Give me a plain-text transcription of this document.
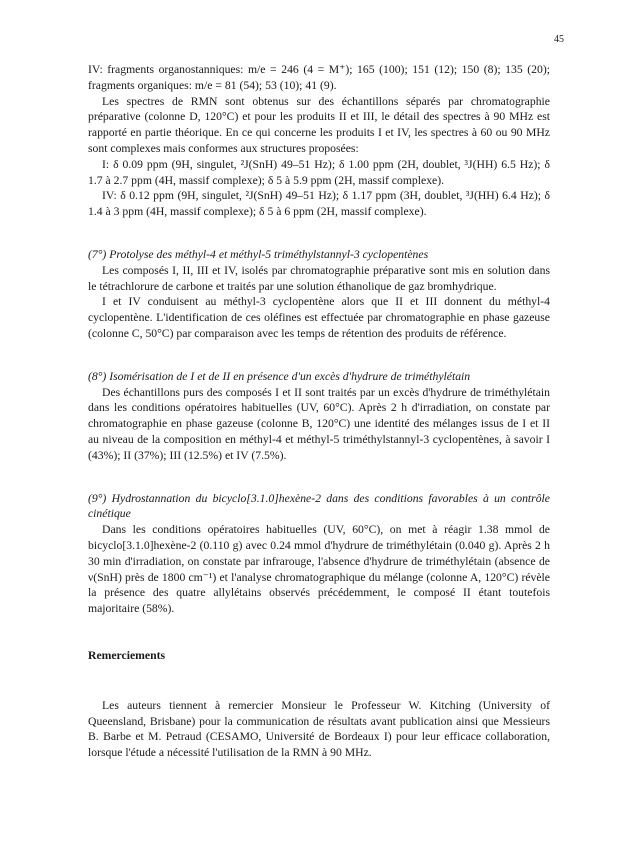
45

IV: fragments organostanniques: m/e = 246 (4 = M⁺); 165 (100); 151 (12); 150 (8); 135 (20); fragments organiques: m/e = 81 (54); 53 (10); 41 (9).

Les spectres de RMN sont obtenus sur des échantillons séparés par chromatographie préparative (colonne D, 120°C) et pour les produits II et III, le détail des spectres à 90 MHz est rapporté en partie théorique. En ce qui concerne les produits I et IV, les spectres à 60 ou 90 MHz sont complexes mais conformes aux structures proposées:

I: δ 0.09 ppm (9H, singulet, ²J(SnH) 49–51 Hz); δ 1.00 ppm (2H, doublet, ³J(HH) 6.5 Hz); δ 1.7 à 2.7 ppm (4H, massif complexe); δ 5 à 5.9 ppm (2H, massif complexe).

IV: δ 0.12 ppm (9H, singulet, ²J(SnH) 49–51 Hz); δ 1.17 ppm (3H, doublet, ³J(HH) 6.4 Hz); δ 1.4 à 3 ppm (4H, massif complexe); δ 5 à 6 ppm (2H, massif complexe).

(7°) Protolyse des méthyl-4 et méthyl-5 triméthylstannyl-3 cyclopentènes

Les composés I, II, III et IV, isolés par chromatographie préparative sont mis en solution dans le tétrachlorure de carbone et traités par une solution éthanolique de gaz bromhydrique.

I et IV conduisent au méthyl-3 cyclopentène alors que II et III donnent du méthyl-4 cyclopentène. L'identification de ces oléfines est effectuée par chromatographie en phase gazeuse (colonne C, 50°C) par comparaison avec les temps de rétention des produits de référence.

(8°) Isomérisation de I et de II en présence d'un excès d'hydrure de triméthylétain

Des échantillons purs des composés I et II sont traités par un excès d'hydrure de triméthylétain dans les conditions opératoires habituelles (UV, 60°C). Après 2 h d'irradiation, on constate par chromatographie en phase gazeuse (colonne B, 120°C) une identité des mélanges issus de I et II au niveau de la composition en méthyl-4 et méthyl-5 triméthylstannyl-3 cyclopentènes, à savoir I (43%); II (37%); III (12.5%) et IV (7.5%).

(9°) Hydrostannation du bicyclo[3.1.0]hexène-2 dans des conditions favorables à un contrôle cinétique

Dans les conditions opératoires habituelles (UV, 60°C), on met à réagir 1.38 mmol de bicyclo[3.1.0]hexène-2 (0.110 g) avec 0.24 mmol d'hydrure de triméthylétain (0.040 g). Après 2 h 30 min d'irradiation, on constate par infrarouge, l'absence d'hydrure de triméthylétain (absence de ν(SnH) près de 1800 cm⁻¹) et l'analyse chromatographique du mélange (colonne A, 120°C) révèle la présence des quatre allylétains observés précédemment, le composé II étant toutefois majoritaire (58%).

Remerciements

Les auteurs tiennent à remercier Monsieur le Professeur W. Kitching (University of Queensland, Brisbane) pour la communication de résultats avant publication ainsi que Messieurs B. Barbe et M. Petraud (CESAMO, Université de Bordeaux I) pour leur efficace collaboration, lorsque l'étude a nécessité l'utilisation de la RMN à 90 MHz.
